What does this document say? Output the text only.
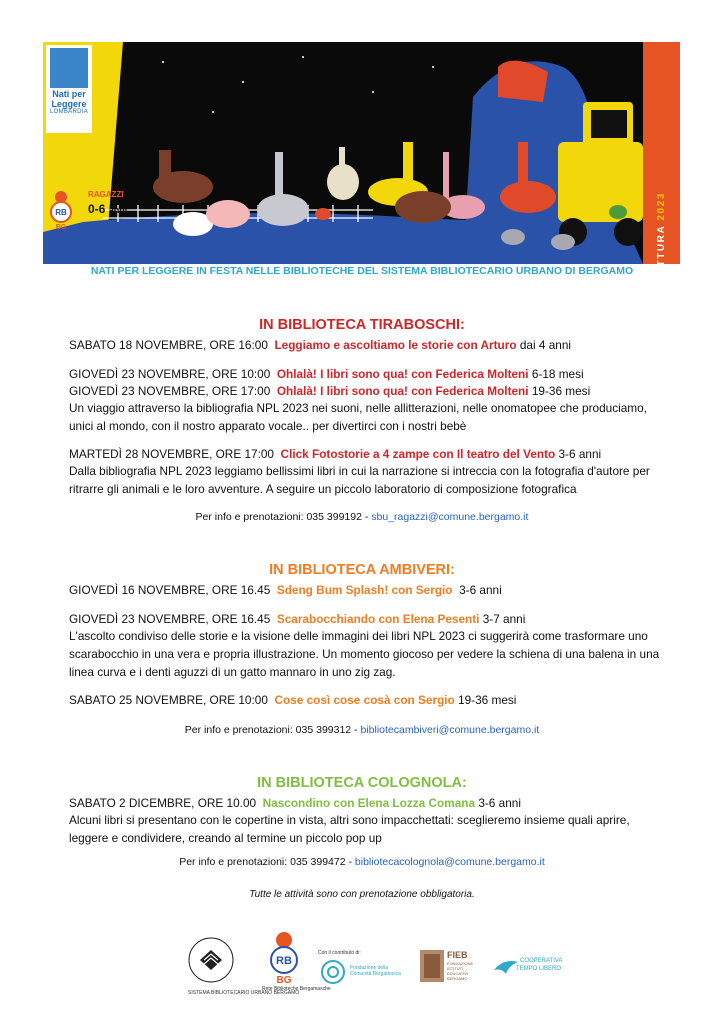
Nati per
Leggere
LOMBARDIA
RB
BG
RAGAZZI
0-6 anni
PROPOSTE DI LETTURA 2023
NATI PER LEGGERE IN FESTA NELLE BIBLIOTECHE DEL SISTEMA BIBLIOTECARIO URBANO DI BERGAMO
IN BIBLIOTECA TIRABOSCHI:
SABATO 18 NOVEMBRE, ORE 16:00 Leggiamo e ascoltiamo le storie con Arturo dai 4 anni
GIOVEDÌ 23 NOVEMBRE, ORE 10:00 Ohlalà! I libri sono qua! con Federica Molteni 6-18 mesi
GIOVEDÌ 23 NOVEMBRE, ORE 17:00 Ohlalà! I libri sono qua! con Federica Molteni 19-36 mesi
Un viaggio attraverso la bibliografia NPL 2023 nei suoni, nelle allitterazioni, nelle onomatopee che produciamo, unici al mondo, con il nostro apparato vocale.. per divertirci con i nostri bebè
MARTEDÌ 28 NOVEMBRE, ORE 17:00 Click Fotostorie a 4 zampe con Il teatro del Vento 3-6 anni
Dalla bibliografia NPL 2023 leggiamo bellissimi libri in cui la narrazione si intreccia con la fotografia d'autore per ritrarre gli animali e le loro avventure. A seguire un piccolo laboratorio di composizione fotografica
Per info e prenotazioni: 035 399192 - sbu_ragazzi@comune.bergamo.it
IN BIBLIOTECA AMBIVERI:
GIOVEDÌ 16 NOVEMBRE, ORE 16.45 Sdeng Bum Splash! con Sergio 3-6 anni
GIOVEDÌ 23 NOVEMBRE, ORE 16.45 Scarabocchiando con Elena Pesenti 3-7 anni
L'ascolto condiviso delle storie e la visione delle immagini dei libri NPL 2023 ci suggerirà come trasformare uno scarabocchio in una vera e propria illustrazione. Un momento giocoso per vedere la schiena di una balena in una linea curva e i denti aguzzi di un gatto mannaro in uno zig zag.
SABATO 25 NOVEMBRE, ORE 10:00 Cose così cose cosà con Sergio 19-36 mesi
Per info e prenotazioni: 035 399312 - bibliotecambiveri@comune.bergamo.it
IN BIBLIOTECA COLOGNOLA:
SABATO 2 DICEMBRE, ORE 10.00 Nascondino con Elena Lozza Comana 3-6 anni
Alcuni libri si presentano con le copertine in vista, altri sono impacchettati: sceglieremo insieme quali aprire, leggere e condividere, creando al termine un piccolo pop up
Per info e prenotazioni: 035 399472 - bibliotecacolognola@comune.bergamo.it
Tutte le attività sono con prenotazione obbligatoria.
SISTEMA BIBLIOTECARIO URBANO BERGAMO
RB
BG
Rete Biblioteche Bergamasche
Con il contributo di:
Fondazione della Comunità Bergamasca
FIEB
FONDAZIONE ISTITUTI EDUCATIVI BERGAMO
COOPERATIVA
TEMPO LIBERO
